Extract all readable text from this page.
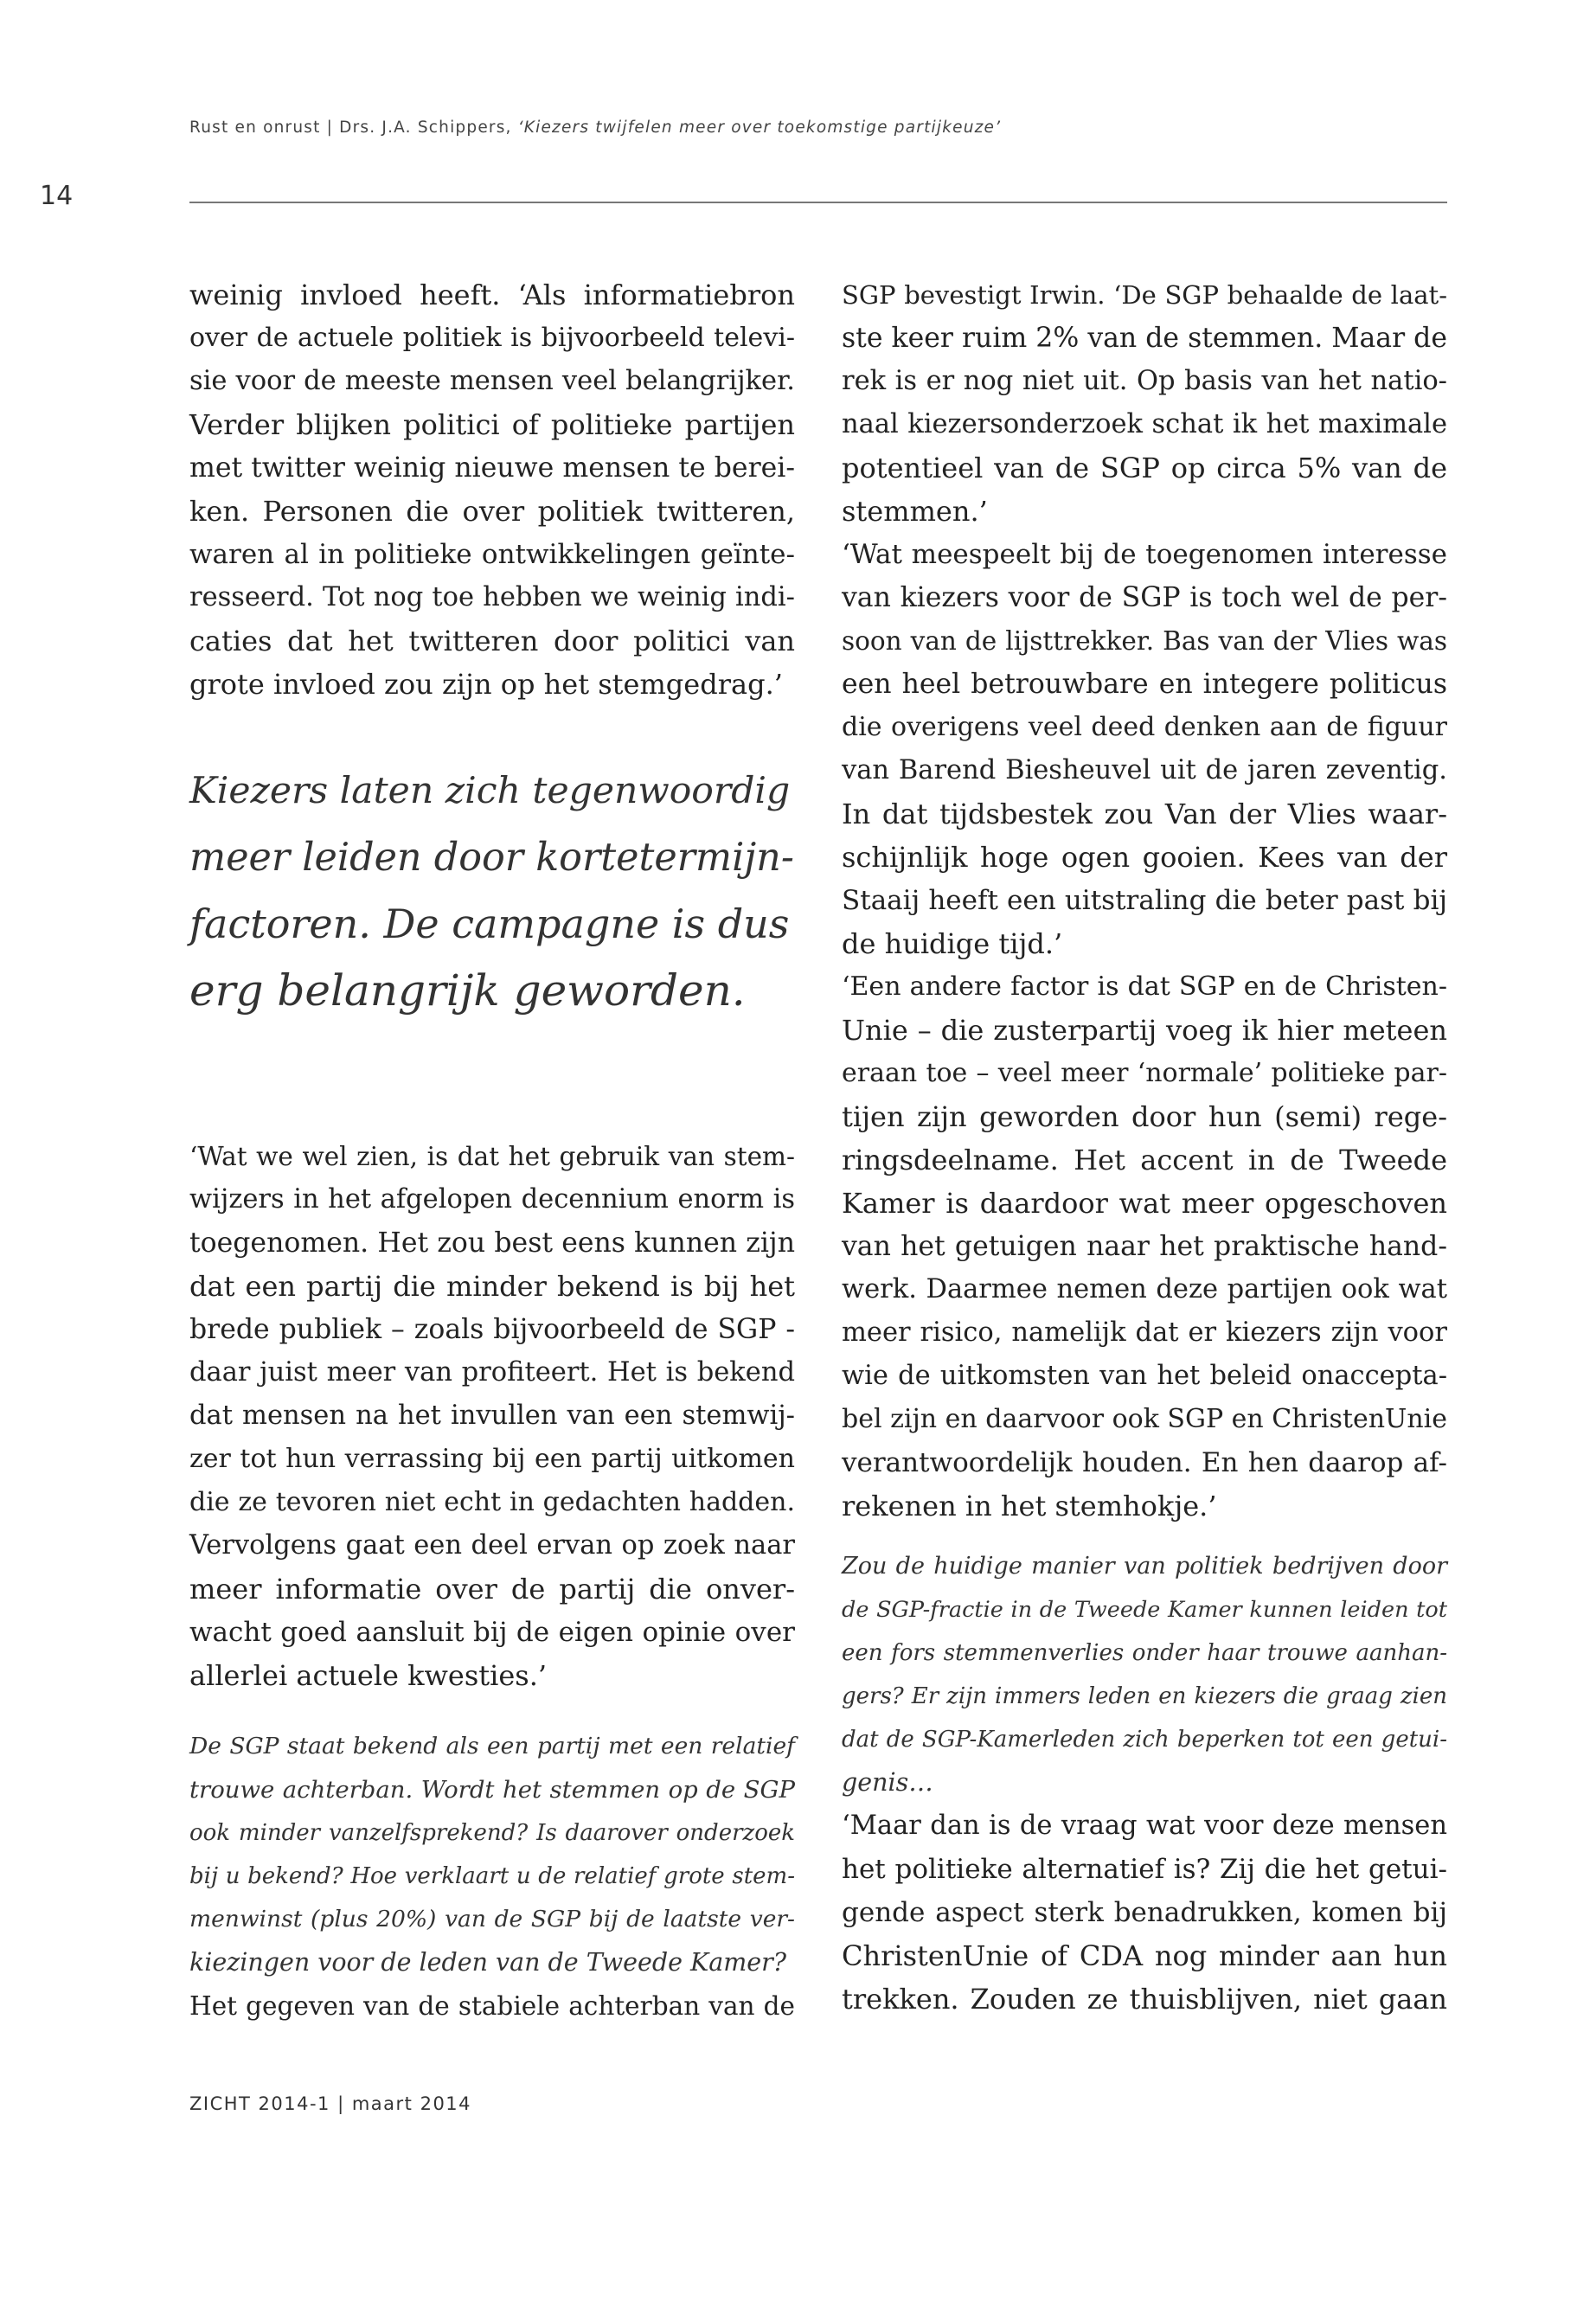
Rust en onrust | Drs. J.A. Schippers, ‘Kiezers twijfelen meer over toekomstige partijkeuze’
14
weinig invloed heeft. ‘Als informatiebron
over de actuele politiek is bijvoorbeeld televi-
sie voor de meeste mensen veel belangrijker.
Verder blijken politici of politieke partijen
met twitter weinig nieuwe mensen te berei-
ken. Personen die over politiek twitteren,
waren al in politieke ontwikkelingen geïnte-
resseerd. Tot nog toe hebben we weinig indi-
caties dat het twitteren door politici van
grote invloed zou zijn op het stemgedrag.’
Kiezers laten zich tegenwoordig
meer leiden door kortetermijn-
factoren. De campagne is dus
erg belangrijk geworden.
‘Wat we wel zien, is dat het gebruik van stem-
wijzers in het afgelopen decennium enorm is
toegenomen. Het zou best eens kunnen zijn
dat een partij die minder bekend is bij het
brede publiek – zoals bijvoorbeeld de SGP -
daar juist meer van profiteert. Het is bekend
dat mensen na het invullen van een stemwij-
zer tot hun verrassing bij een partij uitkomen
die ze tevoren niet echt in gedachten hadden.
Vervolgens gaat een deel ervan op zoek naar
meer informatie over de partij die onver-
wacht goed aansluit bij de eigen opinie over
allerlei actuele kwesties.’
De SGP staat bekend als een partij met een relatief
trouwe achterban. Wordt het stemmen op de SGP
ook minder vanzelfsprekend? Is daarover onderzoek
bij u bekend? Hoe verklaart u de relatief grote stem-
menwinst (plus 20%) van de SGP bij de laatste ver-
kiezingen voor de leden van de Tweede Kamer?
Het gegeven van de stabiele achterban van de
SGP bevestigt Irwin. ‘De SGP behaalde de laat-
ste keer ruim 2% van de stemmen. Maar de
rek is er nog niet uit. Op basis van het natio-
naal kiezersonderzoek schat ik het maximale
potentieel van de SGP op circa 5% van de
stemmen.’
‘Wat meespeelt bij de toegenomen interesse
van kiezers voor de SGP is toch wel de per-
soon van de lijsttrekker. Bas van der Vlies was
een heel betrouwbare en integere politicus
die overigens veel deed denken aan de figuur
van Barend Biesheuvel uit de jaren zeventig.
In dat tijdsbestek zou Van der Vlies waar-
schijnlijk hoge ogen gooien. Kees van der
Staaij heeft een uitstraling die beter past bij
de huidige tijd.’
‘Een andere factor is dat SGP en de Christen-
Unie – die zusterpartij voeg ik hier meteen
eraan toe – veel meer ‘normale’ politieke par-
tijen zijn geworden door hun (semi) rege-
ringsdeelname. Het accent in de Tweede
Kamer is daardoor wat meer opgeschoven
van het getuigen naar het praktische hand-
werk. Daarmee nemen deze partijen ook wat
meer risico, namelijk dat er kiezers zijn voor
wie de uitkomsten van het beleid onaccepta-
bel zijn en daarvoor ook SGP en ChristenUnie
verantwoordelijk houden. En hen daarop af-
rekenen in het stemhokje.’
Zou de huidige manier van politiek bedrijven door
de SGP-fractie in de Tweede Kamer kunnen leiden tot
een fors stemmenverlies onder haar trouwe aanhan-
gers? Er zijn immers leden en kiezers die graag zien
dat de SGP-Kamerleden zich beperken tot een getui-
genis…
‘Maar dan is de vraag wat voor deze mensen
het politieke alternatief is? Zij die het getui-
gende aspect sterk benadrukken, komen bij
ChristenUnie of CDA nog minder aan hun
trekken. Zouden ze thuisblijven, niet gaan
ZICHT 2014-1 | maart 2014
